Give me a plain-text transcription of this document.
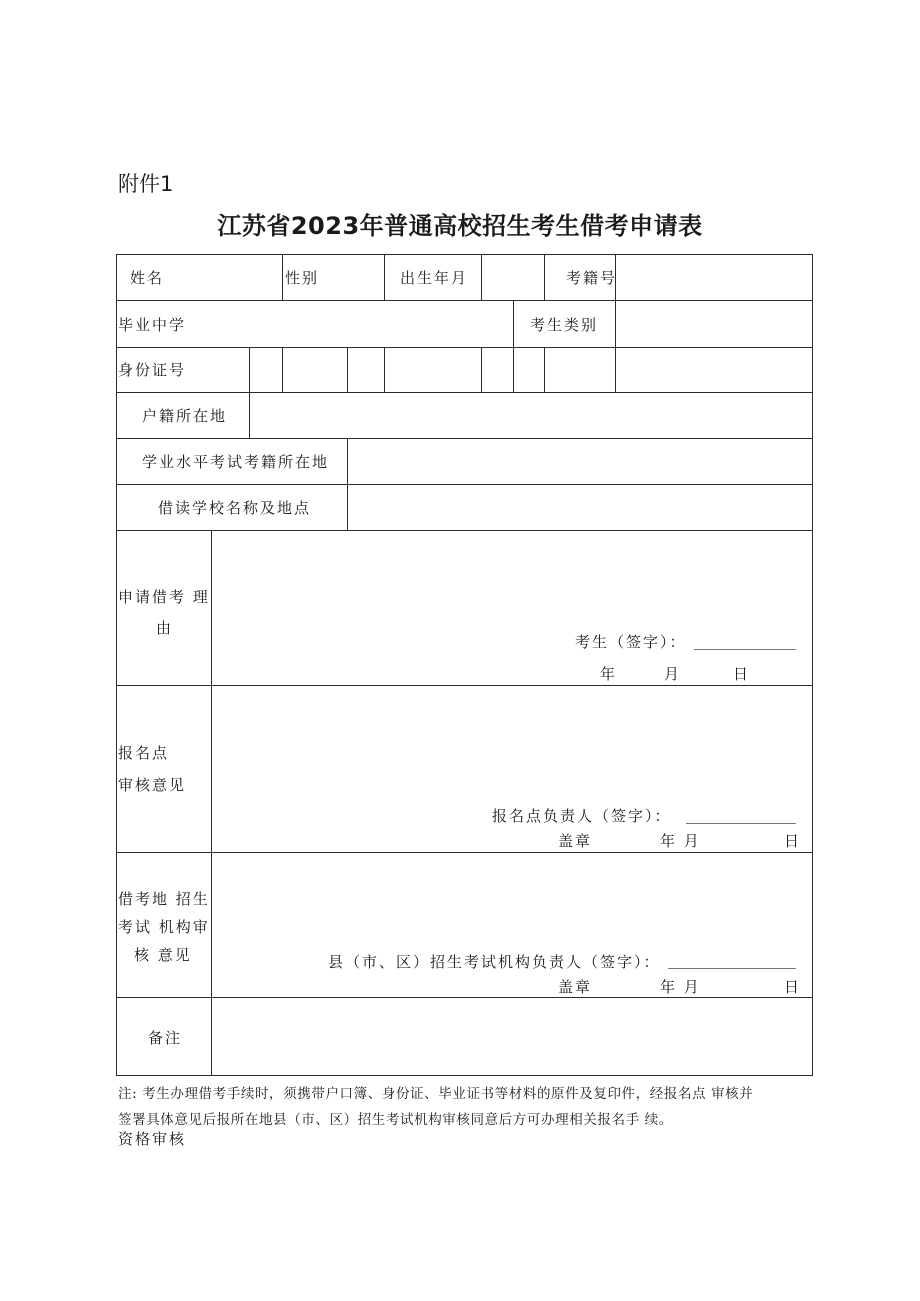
附件1
江苏省2023年普通高校招生考生借考申请表
姓名	性别	出生年月	考籍号
毕业中学	考生类别
身份证号
户籍所在地
学业水平考试考籍所在地
借读学校名称及地点
申请借考 理
由
考生（签字）：
年	月	日
报名点
审核意见
报名点负责人（签字）：
盖章	年 月	日
借考地 招生
考试 机构审
核 意见	县（市、区）招生考试机构负责人（签字）：
盖章	年 月	日
备注
注: 考生办理借考手续时，须携带户口簿、身份证、毕业证书等材料的原件及复印件，经报名点 审核并
签署具体意见后报所在地县（市、区）招生考试机构审核同意后方可办理相关报名手 续。
资格审核
